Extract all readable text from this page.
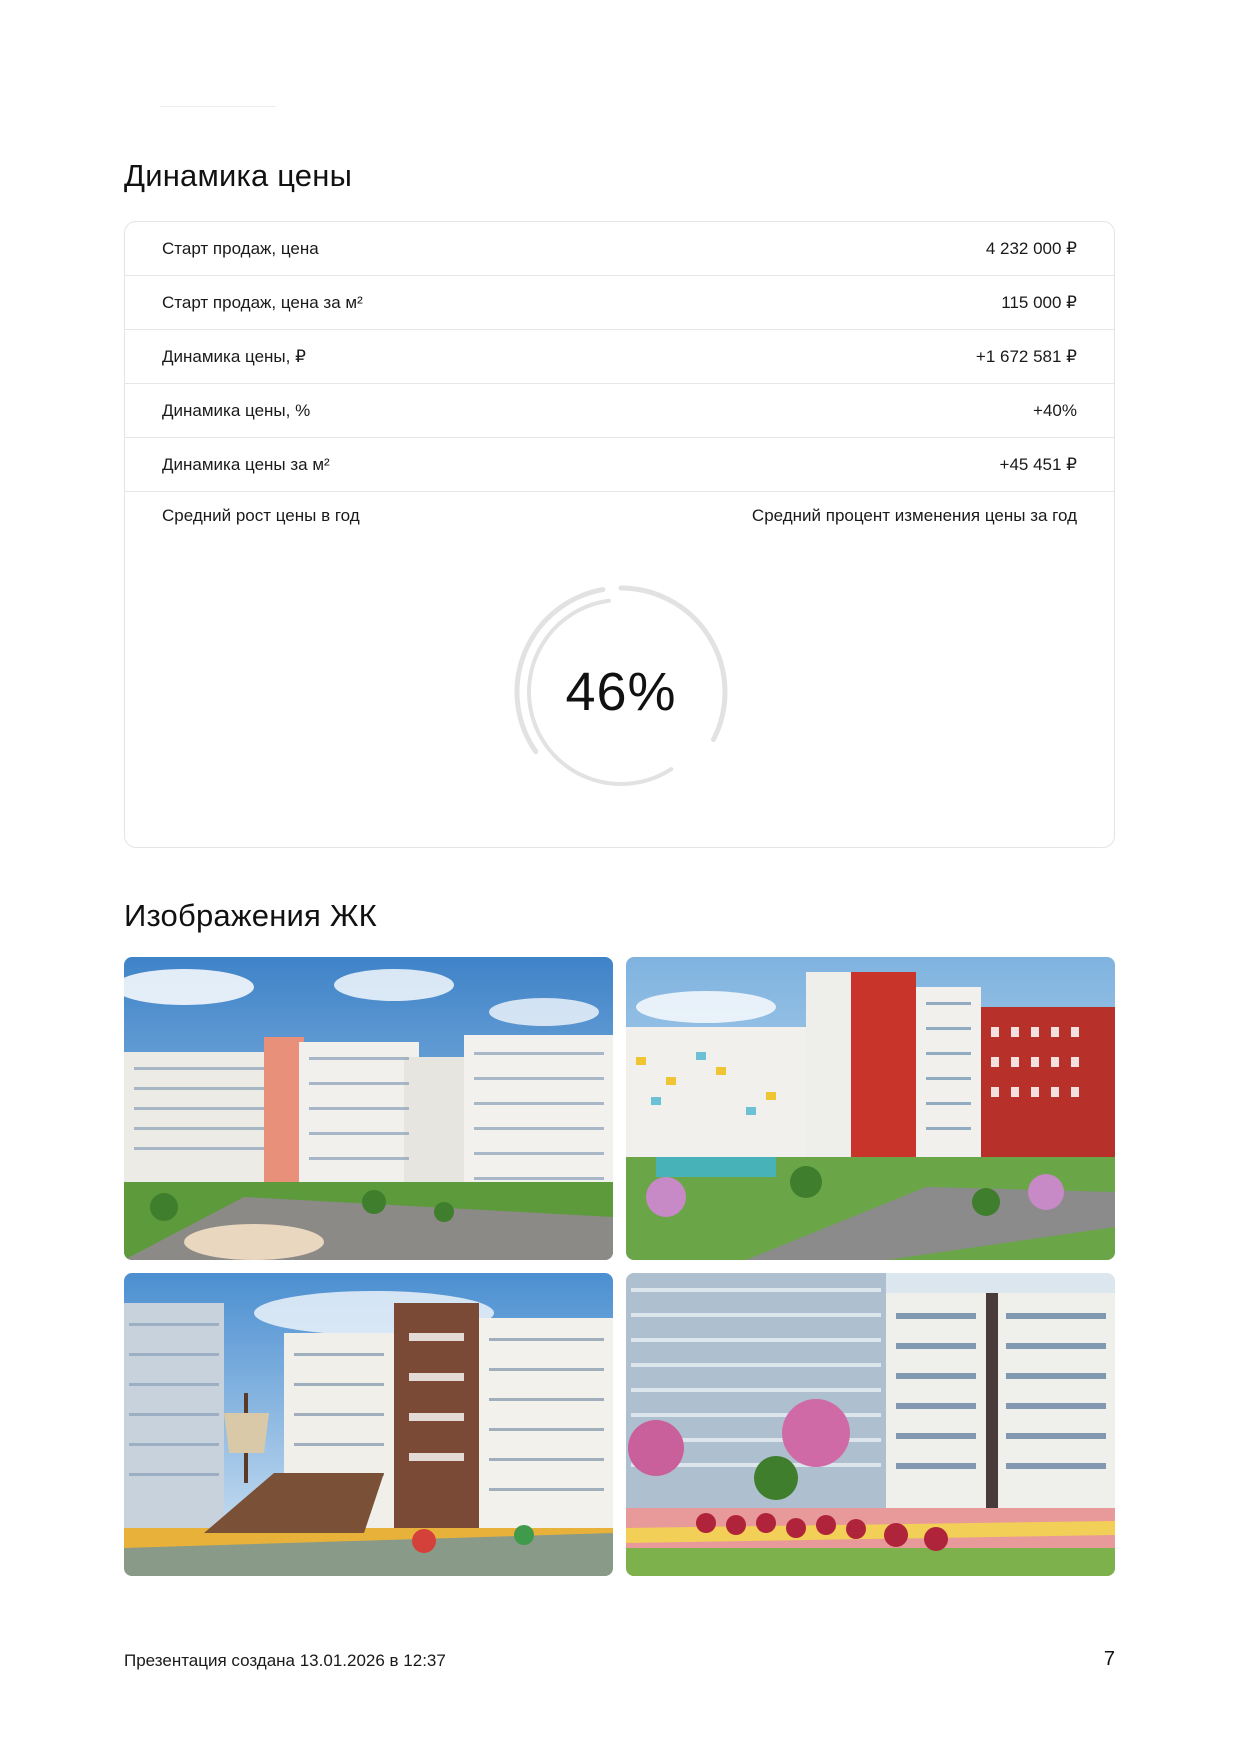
Динамика цены
Старт продаж, цена	4 232 000 ₽
Старт продаж, цена за м²	115 000 ₽
Динамика цены, ₽	+1 672 581 ₽
Динамика цены, %	+40%
Динамика цены за м²	+45 451 ₽
Средний рост цены в год	Средний процент изменения цены за год
46%
Изображения ЖК
Презентация создана 13.01.2026 в 12:37	7
